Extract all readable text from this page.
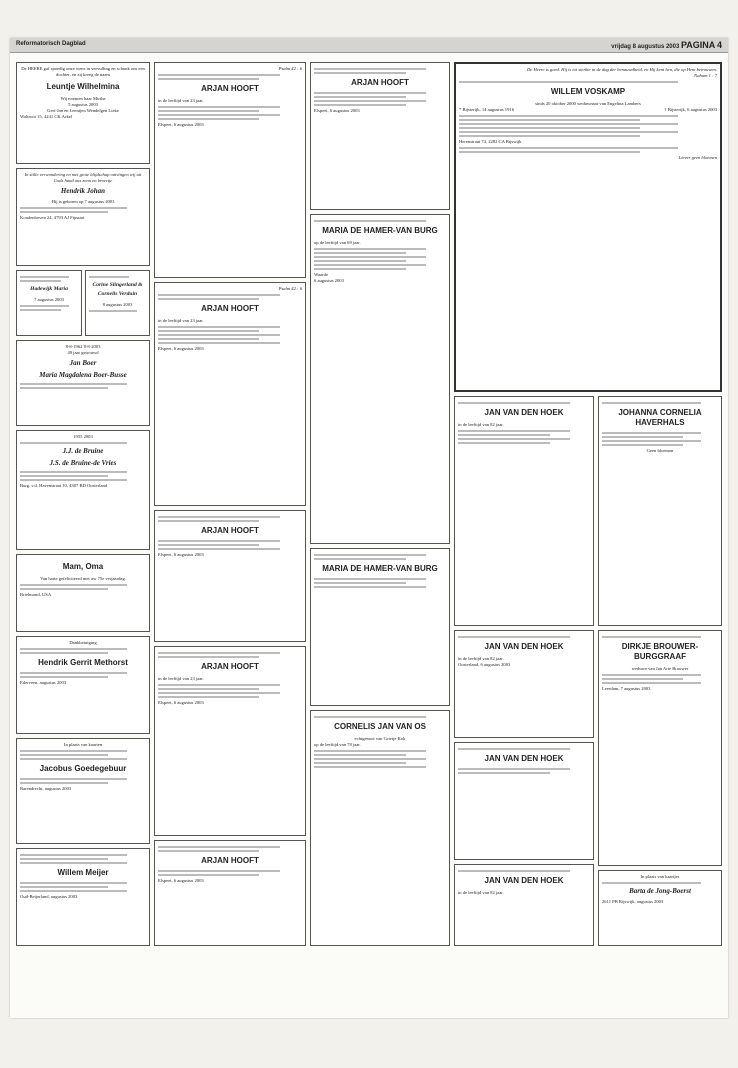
Reformatorisch Dagblad	vrijdag 8 augustus 2003 PAGINA 4
De HEERE gaf spoedig onze wens in vervulling en schonk ons een dochter, en zij kreeg de naam
Leuntje Wilhelmina
Wij noemen haar Mirthe
5 augustus 2003
Gert-Jan en Leentjen Wendelgen Lieke
Waltroot 15, 4241 CK Arkel
In stille verwondering en met grote blijdschap ontvingen wij uit Gods hand ons zoon en broertje
Hendrik Johan
Hij is geboren op 7 augustus 2003
Koudenhoven 24, 4793 AJ Fijnaart
Hadewijk Maria
7 augustus 2003
Corine Slingerland & Cornelis Verduin
8 augustus 2003
8-8-1962 8-8-2003
49 jaar getrouwd
Jan Boer
Maria Magdalena Boer-Busse
1955 2003
J.J. de Bruine
J.S. de Bruine-de Vries
Burg. v.d. Havenstraat 10, 4307 BD Oosterland
Mam, Oma
Van harte gefeliciteerd met uw 75e verjaardag.
Brielmond, USA
Dankbetuiging
Hendrik Gerrit Methorst
Ederveen, augustus 2003
In plaats van kaarten
Jacobus Goedegebuur
Barendrecht, augustus 2003
Willem Meijer
Oud-Beijerland, augustus 2003
Psalm 42 : 6
ARJAN HOOFT
in de leeftijd van 23 jaar.
Elspeet, 6 augustus 2003
Psalm 42 : 6
ARJAN HOOFT
in de leeftijd van 23 jaar.
Elspeet, 6 augustus 2003
ARJAN HOOFT
Elspeet, 6 augustus 2003
ARJAN HOOFT
in de leeftijd van 23 jaar.
Elspeet, 6 augustus 2003
ARJAN HOOFT
Elspeet, 6 augustus 2003
ARJAN HOOFT
Elspeet, 6 augustus 2003
MARIA DE HAMER-VAN BURG
op de leeftijd van 69 jaar.
Waarde
6 augustus 2003
MARIA DE HAMER-VAN BURG
CORNELIS JAN VAN OS
echtgenoot van Grietje Kok
op de leeftijd van 78 jaar.
De Heere is goed. Hij is tot sterkte in de dag der benauwdheid, en Hij kent hen, die op Hem betrouwen.
Nahum 1 : 7
WILLEM VOSKAMP
sinds 20 oktober 2000 weduwnaar van Engelina Lambers
* Bijsterijk, 14 augustus 1916	† Bijsterijk, 6 augustus 2003
Herenstraat 74, 2282 CA Rijswijk
Liever geen bloemen
JAN VAN DEN HOEK
in de leeftijd van 82 jaar.
JOHANNA CORNELIA HAVERHALS
Geen bloemen
JAN VAN DEN HOEK
in de leeftijd van 82 jaar.
Oosterland, 6 augustus 2003
DIRKJE BROUWER-BURGGRAAF
weduwe van Jan Arie Brouwer
Leerdam, 7 augustus 2003
JAN VAN DEN HOEK
JAN VAN DEN HOEK
in de leeftijd van 82 jaar.
In plaats van kaartjes
Barta de Jong-Boerst
2611 PB Rijswijk, augustus 2003
